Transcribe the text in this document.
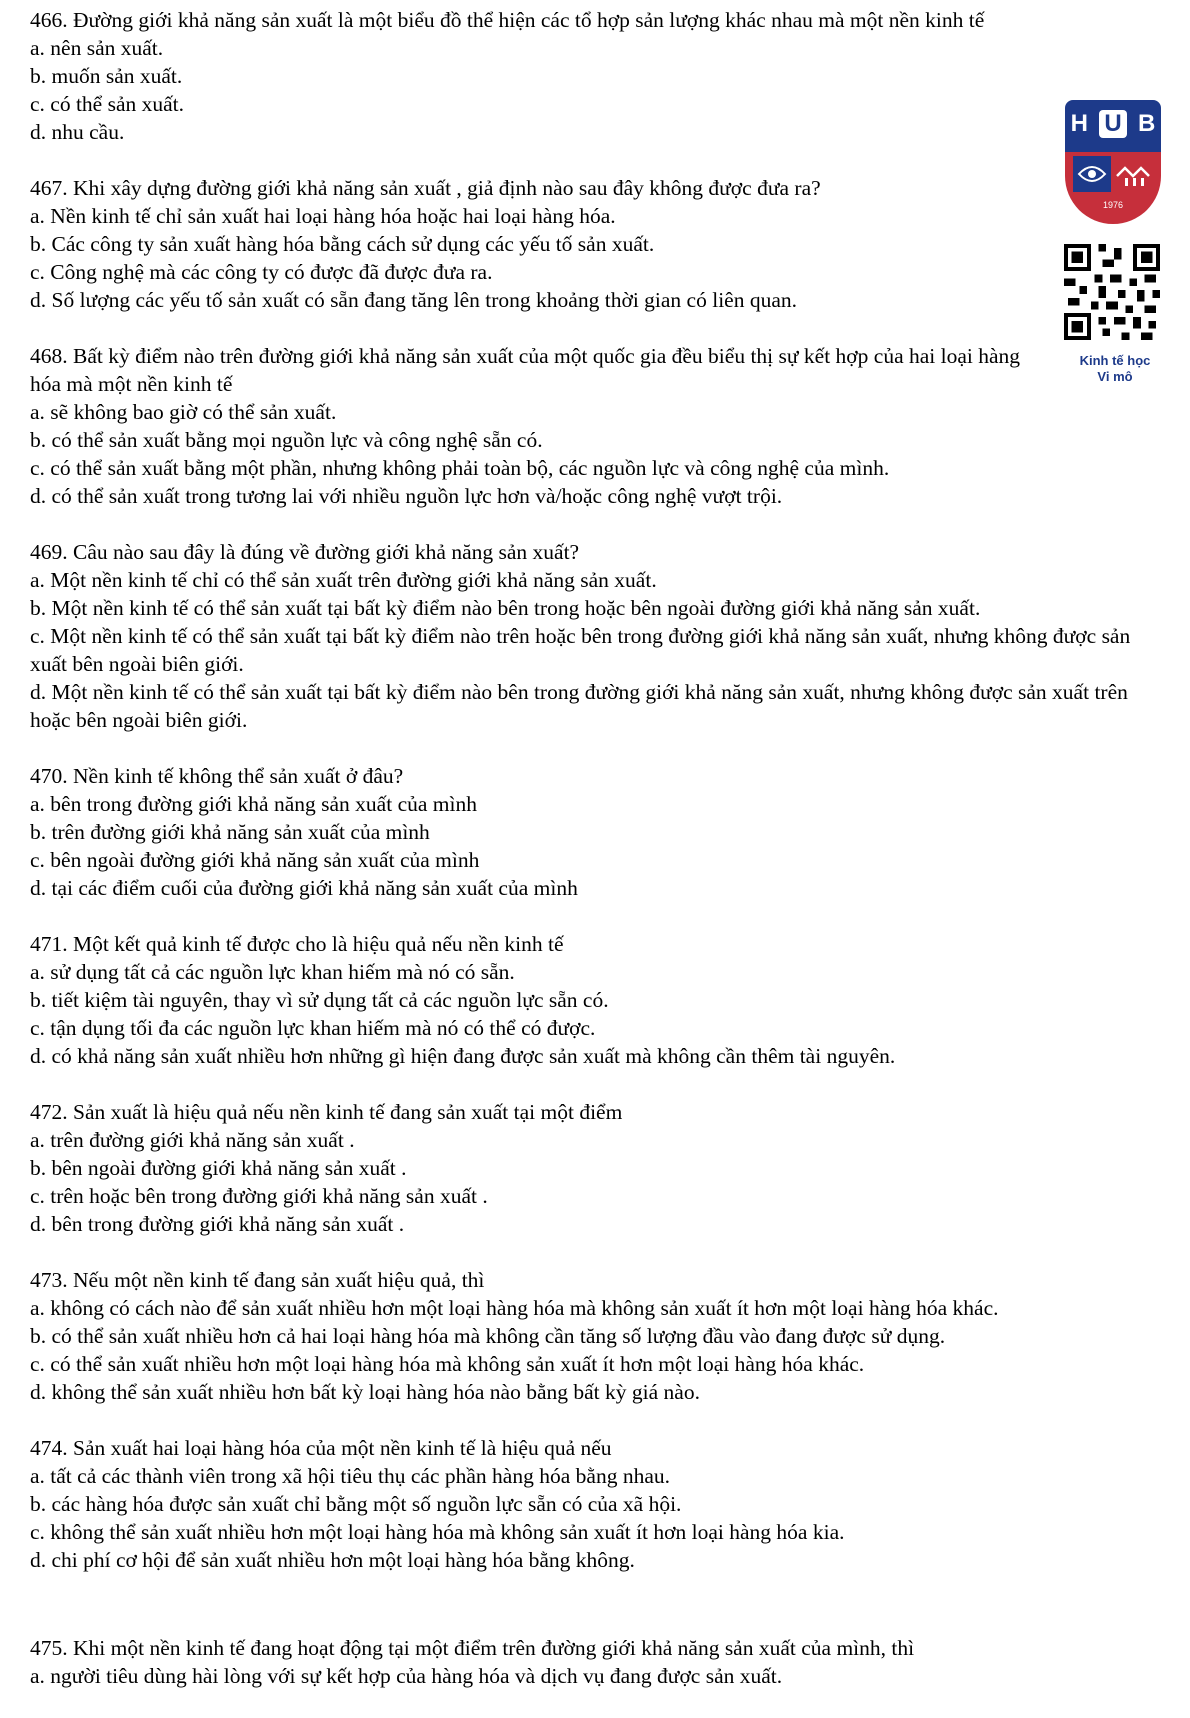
466. Đường giới khả năng sản xuất là một biểu đồ thể hiện các tổ hợp sản lượng khác nhau mà một nền kinh tế
a. nên sản xuất.
b. muốn sản xuất.
c. có thể sản xuất.
d. nhu cầu.
467. Khi xây dựng đường giới khả năng sản xuất , giả định nào sau đây không được đưa ra?
a. Nền kinh tế chỉ sản xuất hai loại hàng hóa hoặc hai loại hàng hóa.
b. Các công ty sản xuất hàng hóa bằng cách sử dụng các yếu tố sản xuất.
c. Công nghệ mà các công ty có được đã được đưa ra.
d. Số lượng các yếu tố sản xuất có sẵn đang tăng lên trong khoảng thời gian có liên quan.
468. Bất kỳ điểm nào trên đường giới khả năng sản xuất của một quốc gia đều biểu thị sự kết hợp của hai loại hàng hóa mà một nền kinh tế
a. sẽ không bao giờ có thể sản xuất.
b. có thể sản xuất bằng mọi nguồn lực và công nghệ sẵn có.
c. có thể sản xuất bằng một phần, nhưng không phải toàn bộ, các nguồn lực và công nghệ của mình.
d. có thể sản xuất trong tương lai với nhiều nguồn lực hơn và/hoặc công nghệ vượt trội.
469. Câu nào sau đây là đúng về đường giới khả năng sản xuất?
a. Một nền kinh tế chỉ có thể sản xuất trên đường giới khả năng sản xuất.
b. Một nền kinh tế có thể sản xuất tại bất kỳ điểm nào bên trong hoặc bên ngoài đường giới khả năng sản xuất.
c. Một nền kinh tế có thể sản xuất tại bất kỳ điểm nào trên hoặc bên trong đường giới khả năng sản xuất, nhưng không được sản xuất bên ngoài biên giới.
d. Một nền kinh tế có thể sản xuất tại bất kỳ điểm nào bên trong đường giới khả năng sản xuất, nhưng không được sản xuất trên hoặc bên ngoài biên giới.
470. Nền kinh tế không thể sản xuất ở đâu?
a. bên trong đường giới khả năng sản xuất của mình
b. trên đường giới khả năng sản xuất của mình
c. bên ngoài đường giới khả năng sản xuất của mình
d. tại các điểm cuối của đường giới khả năng sản xuất của mình
471. Một kết quả kinh tế được cho là hiệu quả nếu nền kinh tế
a. sử dụng tất cả các nguồn lực khan hiếm mà nó có sẵn.
b. tiết kiệm tài nguyên, thay vì sử dụng tất cả các nguồn lực sẵn có.
c. tận dụng tối đa các nguồn lực khan hiếm mà nó có thể có được.
d. có khả năng sản xuất nhiều hơn những gì hiện đang được sản xuất mà không cần thêm tài nguyên.
472. Sản xuất là hiệu quả nếu nền kinh tế đang sản xuất tại một điểm
a. trên đường giới khả năng sản xuất .
b. bên ngoài đường giới khả năng sản xuất .
c. trên hoặc bên trong đường giới khả năng sản xuất .
d. bên trong đường giới khả năng sản xuất .
473. Nếu một nền kinh tế đang sản xuất hiệu quả, thì
a. không có cách nào để sản xuất nhiều hơn một loại hàng hóa mà không sản xuất ít hơn một loại hàng hóa khác.
b. có thể sản xuất nhiều hơn cả hai loại hàng hóa mà không cần tăng số lượng đầu vào đang được sử dụng.
c. có thể sản xuất nhiều hơn một loại hàng hóa mà không sản xuất ít hơn một loại hàng hóa khác.
d. không thể sản xuất nhiều hơn bất kỳ loại hàng hóa nào bằng bất kỳ giá nào.
474. Sản xuất hai loại hàng hóa của một nền kinh tế là hiệu quả nếu
a. tất cả các thành viên trong xã hội tiêu thụ các phần hàng hóa bằng nhau.
b. các hàng hóa được sản xuất chỉ bằng một số nguồn lực sẵn có của xã hội.
c. không thể sản xuất nhiều hơn một loại hàng hóa mà không sản xuất ít hơn loại hàng hóa kia.
d. chi phí cơ hội để sản xuất nhiều hơn một loại hàng hóa bằng không.
475. Khi một nền kinh tế đang hoạt động tại một điểm trên đường giới khả năng sản xuất của mình, thì
a. người tiêu dùng hài lòng với sự kết hợp của hàng hóa và dịch vụ đang được sản xuất.
H U B
1976
Kinh tế học
Vi mô
